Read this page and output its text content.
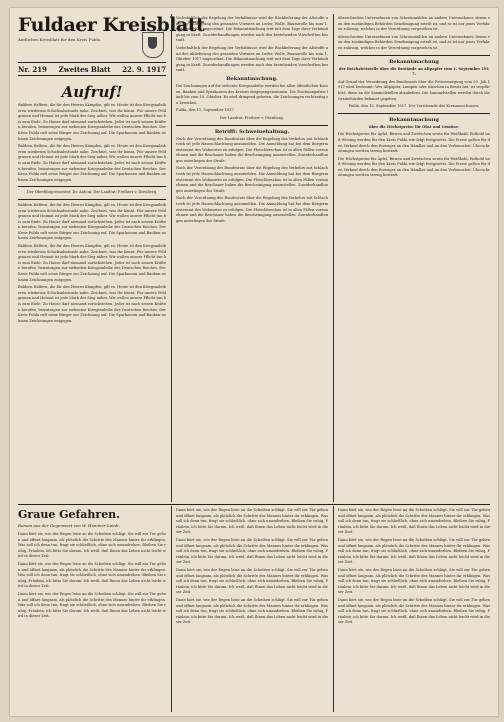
Fuldaer Kreisblatt
Amtliches Kreisblatt für den Kreis Fulda
Nr. 219 Zweites Blatt 22. 9. 1917
Aufruf!

Baldern Helfern, die für den Heeres Kämpfen, gilt es. Heute ist den Kriegsanleiheren wiederum Schicksalsstunde nahe. Zeichnet, was ihr könnt. Für unsere Feldgrauen und Heimat ist jede Mark der Sieg näher. Wir wollen unsere Pflicht tun bis zum Ende. Zu Hause darf niemand zurückstehen. Jeder ist nach seinen Kräften berufen, beizutragen zur siebenten Kriegsanleihe des Deutschen Reiches. Der Kreis Fulda ruft seine Bürger zur Zeichnung auf. Die Sparkassen und Banken nehmen Zeichnungen entgegen.

Baldern Helfern, die für den Heeres Kämpfen, gilt es. Heute ist den Kriegsanleiheren wiederum Schicksalsstunde nahe. Zeichnet, was ihr könnt. Für unsere Feldgrauen und Heimat ist jede Mark der Sieg näher. Wir wollen unsere Pflicht tun bis zum Ende. Zu Hause darf niemand zurückstehen. Jeder ist nach seinen Kräften berufen, beizutragen zur siebenten Kriegsanleihe des Deutschen Reiches. Der Kreis Fulda ruft seine Bürger zur Zeichnung auf. Die Sparkassen und Banken nehmen Zeichnungen entgegen.

Der Oberbürgermeister: Dr. Antoni. Der Landrat: Freiherr v. Dörnberg.

Baldern Helfern, die für den Heeres Kämpfen, gilt es. Heute ist den Kriegsanleiheren wiederum Schicksalsstunde nahe. Zeichnet, was ihr könnt. Für unsere Feldgrauen und Heimat ist jede Mark der Sieg näher. Wir wollen unsere Pflicht tun bis zum Ende. Zu Hause darf niemand zurückstehen. Jeder ist nach seinen Kräften berufen, beizutragen zur siebenten Kriegsanleihe des Deutschen Reiches. Der Kreis Fulda ruft seine Bürger zur Zeichnung auf. Die Sparkassen und Banken nehmen Zeichnungen entgegen.

Baldern Helfern, die für den Heeres Kämpfen, gilt es. Heute ist den Kriegsanleiheren wiederum Schicksalsstunde nahe. Zeichnet, was ihr könnt. Für unsere Feldgrauen und Heimat ist jede Mark der Sieg näher. Wir wollen unsere Pflicht tun bis zum Ende. Zu Hause darf niemand zurückstehen. Jeder ist nach seinen Kräften berufen, beizutragen zur siebenten Kriegsanleihe des Deutschen Reiches. Der Kreis Fulda ruft seine Bürger zur Zeichnung auf. Die Sparkassen und Banken nehmen Zeichnungen entgegen.

Baldern Helfern, die für den Heeres Kämpfen, gilt es. Heute ist den Kriegsanleiheren wiederum Schicksalsstunde nahe. Zeichnet, was ihr könnt. Für unsere Feldgrauen und Heimat ist jede Mark der Sieg näher. Wir wollen unsere Pflicht tun bis zum Ende. Zu Hause darf niemand zurückstehen. Jeder ist nach seinen Kräften berufen, beizutragen zur siebenten Kriegsanleihe des Deutschen Reiches. Der Kreis Fulda ruft seine Bürger zur Zeichnung auf. Die Sparkassen und Banken nehmen Zeichnungen entgegen.

Vorbehaltlich der Regelung der Verhältnisse wird die Rücklieferung der Altstoffe und der Ablieferung des gesamten Vorrates an Leder, Wolle, Baumwolle bis zum 1. Oktober 1917 angeordnet. Die Bekanntmachung tritt mit dem Tage ihrer Verkündigung in Kraft. Zuwiderhandlungen werden nach den bestehenden Vorschriften bestraft.

Vorbehaltlich der Regelung der Verhältnisse wird die Rücklieferung der Altstoffe und der Ablieferung des gesamten Vorrates an Leder, Wolle, Baumwolle bis zum 1. Oktober 1917 angeordnet. Die Bekanntmachung tritt mit dem Tage ihrer Verkündigung in Kraft. Zuwiderhandlungen werden nach den bestehenden Vorschriften bestraft.

Bekanntmachung.

Die Zeichnungen auf die siebente Kriegsanleihe werden bei allen öffentlichen Kassen, Banken und Sparkassen des Kreises entgegengenommen. Die Zeichnungsfrist läuft bis zum 18. Oktober. Es wird dringend gebeten, die Zeichnungen rechtzeitig zu bewirken.

Fulda, den 11. September 1917.

Der Landrat. Freiherr v. Dörnberg.

Betrifft: Schweinehaltung.

Nach der Verordnung des Bundesrats über die Regelung des Verkehrs mit Schlachtvieh ist jede Hausschlachtung anzumelden. Die Anmeldung hat bei dem Bürgermeisteramt des Wohnortes zu erfolgen. Die Fleischbeschau ist in allen Fällen vorzunehmen und die Beschauer haben die Bescheinigung auszustellen. Zuwiderhandlungen unterliegen der Strafe.

Nach der Verordnung des Bundesrats über die Regelung des Verkehrs mit Schlachtvieh ist jede Hausschlachtung anzumelden. Die Anmeldung hat bei dem Bürgermeisteramt des Wohnortes zu erfolgen. Die Fleischbeschau ist in allen Fällen vorzunehmen und die Beschauer haben die Bescheinigung auszustellen. Zuwiderhandlungen unterliegen der Strafe.

Nach der Verordnung des Bundesrats über die Regelung des Verkehrs mit Schlachtvieh ist jede Hausschlachtung anzumelden. Die Anmeldung hat bei dem Bürgermeisteramt des Wohnortes zu erfolgen. Die Fleischbeschau ist in allen Fällen vorzunehmen und die Beschauer haben die Bescheinigung auszustellen. Zuwiderhandlungen unterliegen der Strafe.

überschreiten Unternehmen von Schreinmühlen an andere Unternehmer, denen von den zuständigen Behörden Genehmigung erteilt ist, und es ist nur jenes Verfahren zulässig, welches in der Verordnung vorgesehen ist.

überschreiten Unternehmen von Schreinmühlen an andere Unternehmer, denen von den zuständigen Behörden Genehmigung erteilt ist, und es ist nur jenes Verfahren zulässig, welches in der Verordnung vorgesehen ist.

Bekanntmachung

der Reichsfettstelle über die Bestände an Altpapier vom 1. September 1917.

Auf Grund der Verordnung des Bundesrats über die Fettversorgung vom 20. Juli 1917 wird bestimmt: Wer Altpapier, Lumpen oder Knochen in Besitz hat, ist verpflichtet, diese an die Sammelstellen abzuliefern. Die Sammelstellen werden durch die Ortsbehörden bekannt gegeben.

Fulda, den 15. September 1917. Der Vorsitzende des Kreisausschusses.

Bekanntmachung

über die Höchstpreise für Obst und Gemüse.

Die Höchstpreise für Äpfel, Birnen und Zwetschen sowie für Weißkohl, Rotkohl und Wirsing werden für den Kreis Fulda wie folgt festgesetzt. Die Preise gelten für den Verkauf durch den Erzeuger an den Händler und an den Verbraucher. Überschreitungen werden streng bestraft.

Die Höchstpreise für Äpfel, Birnen und Zwetschen sowie für Weißkohl, Rotkohl und Wirsing werden für den Kreis Fulda wie folgt festgesetzt. Die Preise gelten für den Verkauf durch den Erzeuger an den Händler und an den Verbraucher. Überschreitungen werden streng bestraft.

Graue Gefahren.
Roman aus der Gegenwart von W. Hammer-Lamb.

Dann hört sie, wie der Regen leise an die Scheiben schlägt. Sie will zur Tür gehen und öffnet langsam, als plötzlich die Schritte des Mannes hinter ihr erklingen. Was soll ich denn tun, fragt sie schließlich, ohne sich umzudrehen. Bleiben Sie ruhig, Fräulein, ich bitte Sie darum. Ich weiß, daß Ihnen das Leben nicht leicht wird in dieser Zeit.

Dann hört sie, wie der Regen leise an die Scheiben schlägt. Sie will zur Tür gehen und öffnet langsam, als plötzlich die Schritte des Mannes hinter ihr erklingen. Was soll ich denn tun, fragt sie schließlich, ohne sich umzudrehen. Bleiben Sie ruhig, Fräulein, ich bitte Sie darum. Ich weiß, daß Ihnen das Leben nicht leicht wird in dieser Zeit.

Dann hört sie, wie der Regen leise an die Scheiben schlägt. Sie will zur Tür gehen und öffnet langsam, als plötzlich die Schritte des Mannes hinter ihr erklingen. Was soll ich denn tun, fragt sie schließlich, ohne sich umzudrehen. Bleiben Sie ruhig, Fräulein, ich bitte Sie darum. Ich weiß, daß Ihnen das Leben nicht leicht wird in dieser Zeit.

Dann hört sie, wie der Regen leise an die Scheiben schlägt. Sie will zur Tür gehen und öffnet langsam, als plötzlich die Schritte des Mannes hinter ihr erklingen. Was soll ich denn tun, fragt sie schließlich, ohne sich umzudrehen. Bleiben Sie ruhig, Fräulein, ich bitte Sie darum. Ich weiß, daß Ihnen das Leben nicht leicht wird in dieser Zeit.

Dann hört sie, wie der Regen leise an die Scheiben schlägt. Sie will zur Tür gehen und öffnet langsam, als plötzlich die Schritte des Mannes hinter ihr erklingen. Was soll ich denn tun, fragt sie schließlich, ohne sich umzudrehen. Bleiben Sie ruhig, Fräulein, ich bitte Sie darum. Ich weiß, daß Ihnen das Leben nicht leicht wird in dieser Zeit.

Dann hört sie, wie der Regen leise an die Scheiben schlägt. Sie will zur Tür gehen und öffnet langsam, als plötzlich die Schritte des Mannes hinter ihr erklingen. Was soll ich denn tun, fragt sie schließlich, ohne sich umzudrehen. Bleiben Sie ruhig, Fräulein, ich bitte Sie darum. Ich weiß, daß Ihnen das Leben nicht leicht wird in dieser Zeit.

Dann hört sie, wie der Regen leise an die Scheiben schlägt. Sie will zur Tür gehen und öffnet langsam, als plötzlich die Schritte des Mannes hinter ihr erklingen. Was soll ich denn tun, fragt sie schließlich, ohne sich umzudrehen. Bleiben Sie ruhig, Fräulein, ich bitte Sie darum. Ich weiß, daß Ihnen das Leben nicht leicht wird in dieser Zeit.

Dann hört sie, wie der Regen leise an die Scheiben schlägt. Sie will zur Tür gehen und öffnet langsam, als plötzlich die Schritte des Mannes hinter ihr erklingen. Was soll ich denn tun, fragt sie schließlich, ohne sich umzudrehen. Bleiben Sie ruhig, Fräulein, ich bitte Sie darum. Ich weiß, daß Ihnen das Leben nicht leicht wird in dieser Zeit.

Dann hört sie, wie der Regen leise an die Scheiben schlägt. Sie will zur Tür gehen und öffnet langsam, als plötzlich die Schritte des Mannes hinter ihr erklingen. Was soll ich denn tun, fragt sie schließlich, ohne sich umzudrehen. Bleiben Sie ruhig, Fräulein, ich bitte Sie darum. Ich weiß, daß Ihnen das Leben nicht leicht wird in dieser Zeit.

Dann hört sie, wie der Regen leise an die Scheiben schlägt. Sie will zur Tür gehen und öffnet langsam, als plötzlich die Schritte des Mannes hinter ihr erklingen. Was soll ich denn tun, fragt sie schließlich, ohne sich umzudrehen. Bleiben Sie ruhig, Fräulein, ich bitte Sie darum. Ich weiß, daß Ihnen das Leben nicht leicht wird in dieser Zeit.

Dann hört sie, wie der Regen leise an die Scheiben schlägt. Sie will zur Tür gehen und öffnet langsam, als plötzlich die Schritte des Mannes hinter ihr erklingen. Was soll ich denn tun, fragt sie schließlich, ohne sich umzudrehen. Bleiben Sie ruhig, Fräulein, ich bitte Sie darum. Ich weiß, daß Ihnen das Leben nicht leicht wird in dieser Zeit.
